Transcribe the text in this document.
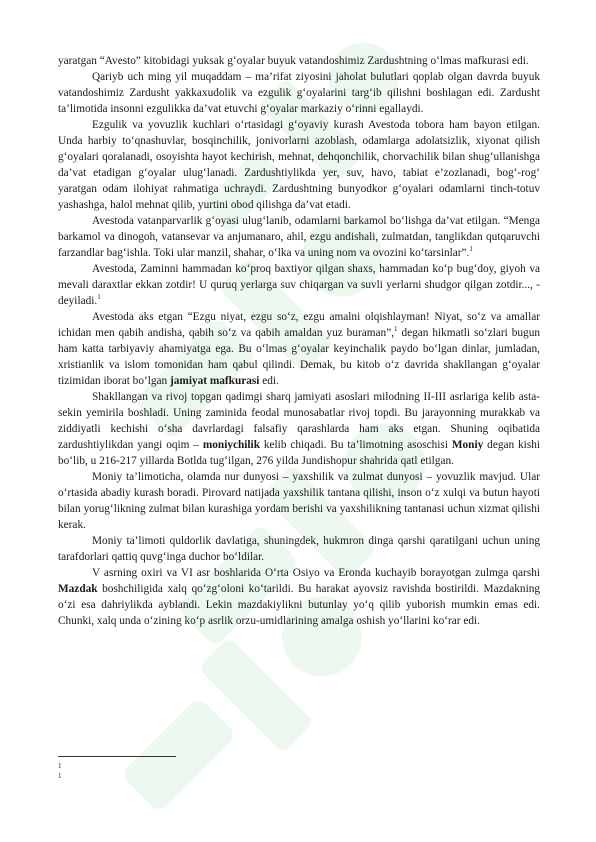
yaratgan “Avesto” kitobidagi yuksak g‘oyalar buyuk vatandoshimiz Zardushtning o‘lmas mafkurasi edi.

Qariyb uch ming yil muqaddam – ma’rifat ziyosini jaholat bulutlari qoplab olgan davrda buyuk vatandoshimiz Zardusht yakkaxudolik va ezgulik g‘oyalarini targ‘ib qilishni boshlagan edi. Zardusht ta’limotida insonni ezgulikka da’vat etuvchi g‘oyalar markaziy o‘rinni egallaydi.

Ezgulik va yovuzlik kuchlari o‘rtasidagi g‘oyaviy kurash Avestoda tobora ham bayon etilgan. Unda harbiy to‘qnashuvlar, bosqinchilik, jonivorlarni azoblash, odamlarga adolatsizlik, xiyonat qilish g‘oyalari qoralanadi, osoyishta hayot kechirish, mehnat, dehqonchilik, chorvachilik bilan shug‘ullanishga da’vat etadigan g‘oyalar ulug‘lanadi. Zardushtiylikda yer, suv, havo, tabiat e’zozlanadi, bog‘-rog‘ yaratgan odam ilohiyat rahmatiga uchraydi. Zardushtning bunyodkor g‘oyalari odamlarni tinch-totuv yashashga, halol mehnat qilib, yurtini obod qilishga da’vat etadi.

Avestoda vatanparvarlik g‘oyasi ulug‘lanib, odamlarni barkamol bo‘lishga da’vat etilgan. “Menga barkamol va dinogoh, vatansevar va anjumanaro, ahil, ezgu andishali, zulmatdan, tanglikdan qutqaruvchi farzandlar bag‘ishla. Toki ular manzil, shahar, o‘lka va uning nom va ovozini ko‘tarsinlar”.$^1$

Avestoda, Zaminni hammadan ko‘proq baxtiyor qilgan shaxs, hammadan ko‘p bug‘doy, giyoh va mevali daraxtlar ekkan zotdir! U quruq yerlarga suv chiqargan va suvli yerlarni shudgor qilgan zotdir..., - deyiladi.$^1$

Avestoda aks etgan “Ezgu niyat, ezgu so‘z, ezgu amalni olqishlayman! Niyat, so‘z va amallar ichidan men qabih andisha, qabih so‘z va qabih amaldan yuz buraman”,$^1$ degan hikmatli so‘zlari bugun ham katta tarbiyaviy ahamiyatga ega. Bu o‘lmas g‘oyalar keyinchalik paydo bo‘lgan dinlar, jumladan, xristianlik va islom tomonidan ham qabul qilindi. Demak, bu kitob o‘z davrida shakllangan g‘oyalar tizimidan iborat bo‘lgan jamiyat mafkurasi edi.

Shakllangan va rivoj topgan qadimgi sharq jamiyati asoslari milodning II-III asrlariga kelib asta-sekin yemirila boshladi. Uning zaminida feodal munosabatlar rivoj topdi. Bu jarayonning murakkab va ziddiyatli kechishi o‘sha davrlardagi falsafiy qarashlarda ham aks etgan. Shuning oqibatida zardushtiylikdan yangi oqim – moniychilik kelib chiqadi. Bu ta’limotning asoschisi Moniy degan kishi bo‘lib, u 216-217 yillarda Botlda tug‘ilgan, 276 yilda Jundishopur shahrida qatl etilgan.

Moniy ta’limoticha, olamda nur dunyosi – yaxshilik va zulmat dunyosi – yovuzlik mavjud. Ular o‘rtasida abadiy kurash boradi. Pirovard natijada yaxshilik tantana qilishi, inson o‘z xulqi va butun hayoti bilan yorug‘likning zulmat bilan kurashiga yordam berishi va yaxshilikning tantanasi uchun xizmat qilishi kerak.

Moniy ta’limoti quldorlik davlatiga, shuningdek, hukmron dinga qarshi qaratilgani uchun uning tarafdorlari qattiq quvg‘inga duchor bo‘ldilar.

V asrning oxiri va VI asr boshlarida O‘rta Osiyo va Eronda kuchayib borayotgan zulmga qarshi Mazdak boshchiligida xalq qo‘zg‘oloni ko‘tarildi. Bu harakat ayovsiz ravishda bostirildi. Mazdakning o‘zi esa dahriylikda ayblandi. Lekin mazdakiylikni butunlay yo‘q qilib yuborish mumkin emas edi. Chunki, xalq unda o‘zining ko‘p asrlik orzu-umidlarining amalga oshish yo‘llarini ko‘rar edi.

1
1
